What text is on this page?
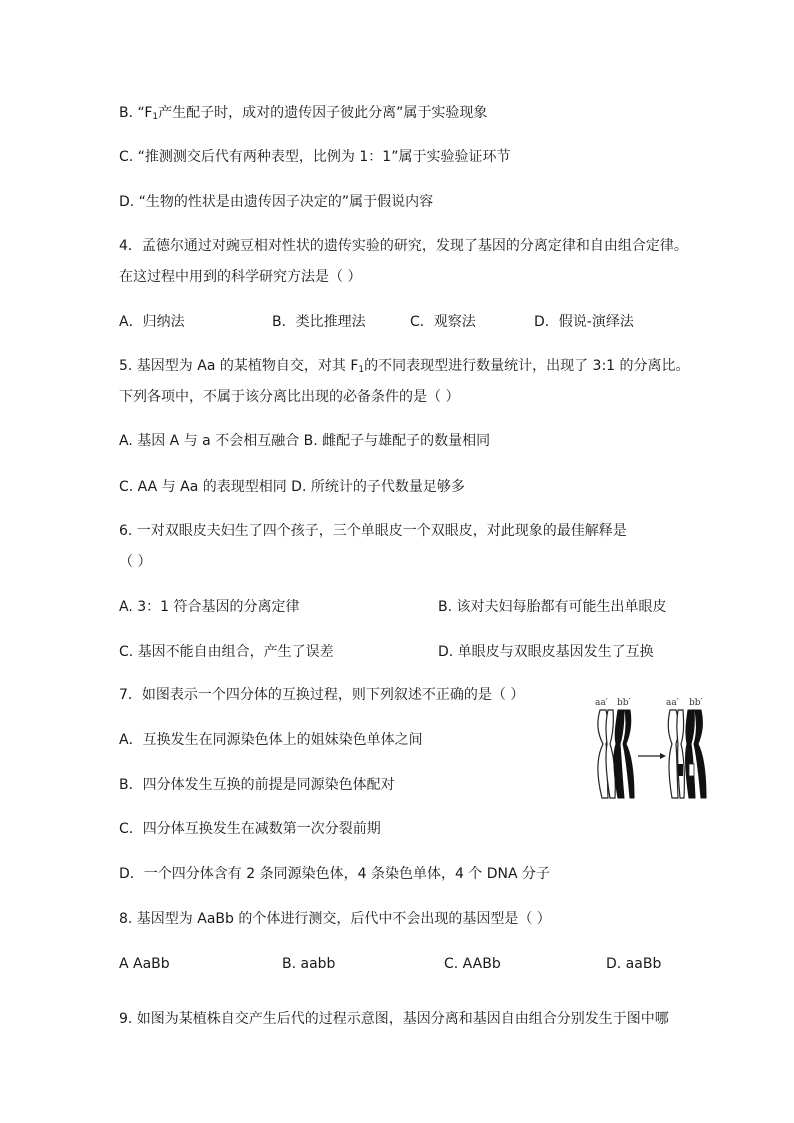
B. “$F_1$产生配子时，成对的遗传因子彼此分离”属于实验现象
C. “推测测交后代有两种表型，比例为 1：1”属于实验验证环节
D. “生物的性状是由遗传因子决定的”属于假说内容
4．孟德尔通过对豌豆相对性状的遗传实验的研究，发现了基因的分离定律和自由组合定律。
在这过程中用到的科学研究方法是（ ）
A．归纳法	B．类比推理法	C．观察法	D．假说-演绎法
5. 基因型为 Aa 的某植物自交，对其 $F_1$的不同表现型进行数量统计，出现了 3:1 的分离比。
下列各项中，不属于该分离比出现的必备条件的是（ ）
A. 基因 A 与 a 不会相互融合 B. 雌配子与雄配子的数量相同
C. AA 与 Aa 的表现型相同 D. 所统计的子代数量足够多
6. 一对双眼皮夫妇生了四个孩子，三个单眼皮一个双眼皮，对此现象的最佳解释是
（ ）
A. 3：1 符合基因的分离定律	B. 该对夫妇每胎都有可能生出单眼皮
C. 基因不能自由组合，产生了误差	D. 单眼皮与双眼皮基因发生了互换
7．如图表示一个四分体的互换过程，则下列叙述不正确的是（ ）
A．互换发生在同源染色体上的姐妹染色单体之间
B．四分体发生互换的前提是同源染色体配对
C．四分体互换发生在减数第一次分裂前期
D．一个四分体含有 2 条同源染色体，4 条染色单体，4 个 DNA 分子
aa′ bb′	aa′ bb′
8. 基因型为 AaBb 的个体进行测交，后代中不会出现的基因型是（ ）
A AaBb	B. aabb	C. AABb	D. aaBb
9. 如图为某植株自交产生后代的过程示意图，基因分离和基因自由组合分别发生于图中哪
